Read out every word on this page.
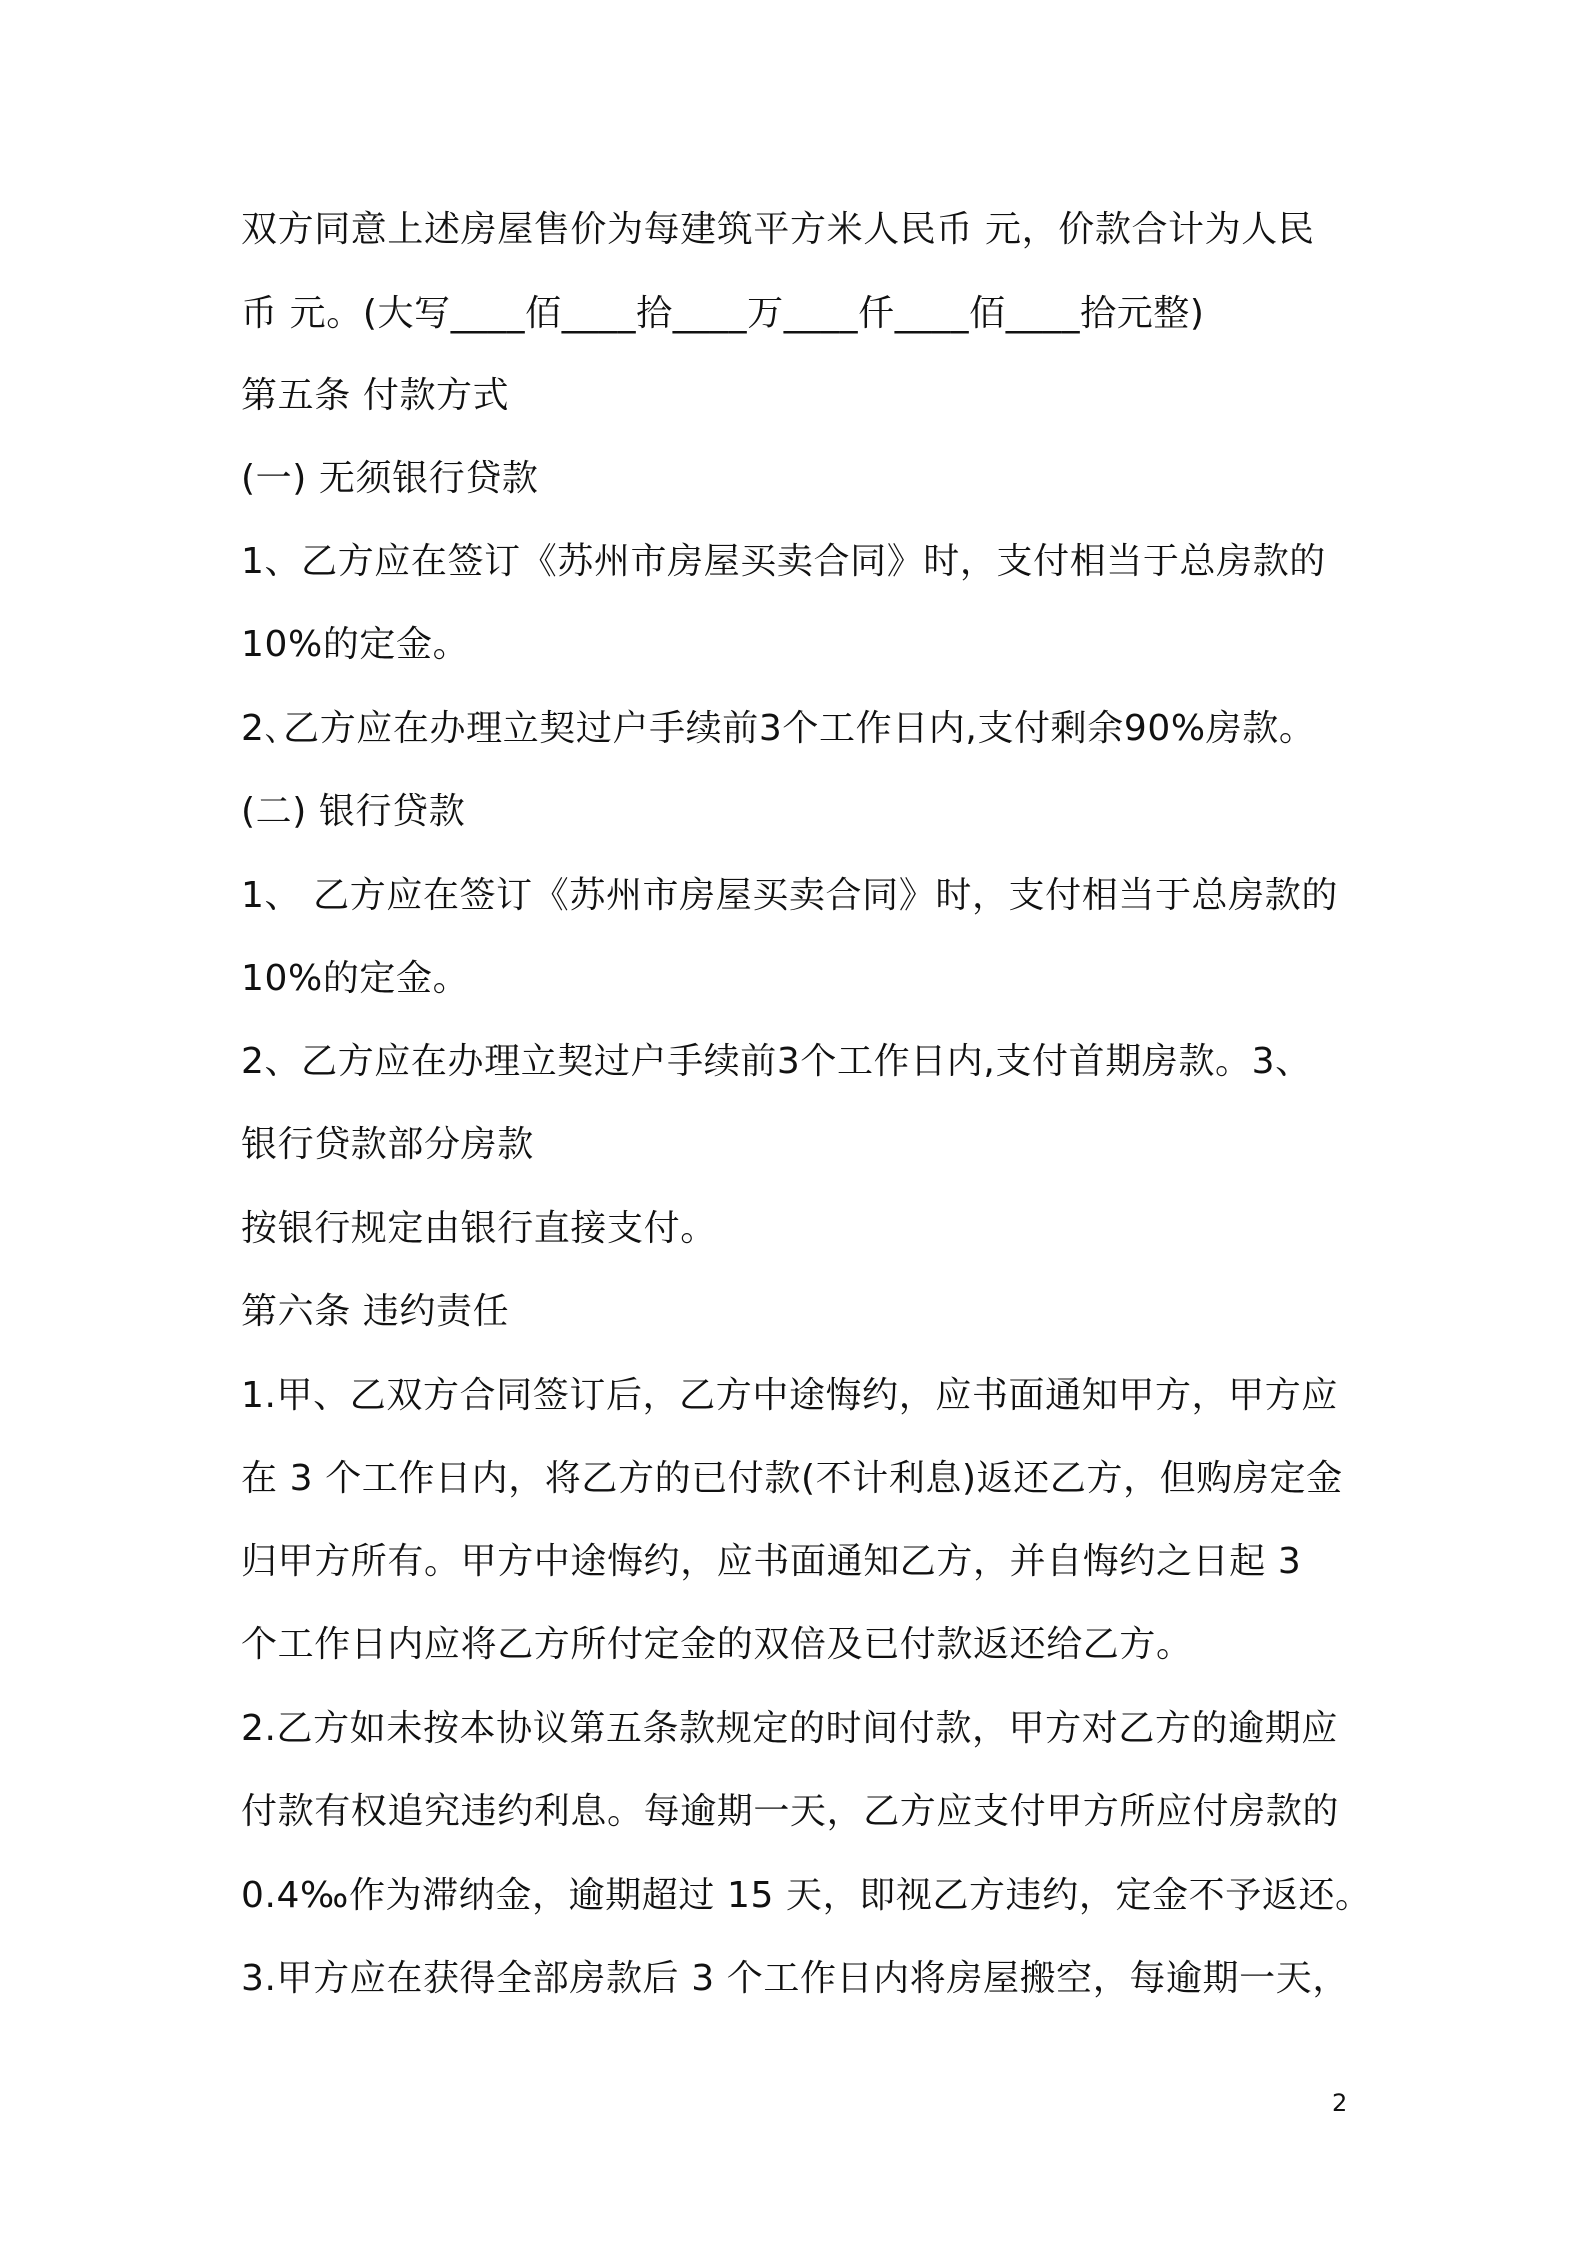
双方同意上述房屋售价为每建筑平方米人民币 元，价款合计为人民
币 元。(大写____佰____拾____万____仟____佰____拾元整)
第五条 付款方式
(一) 无须银行贷款
1、乙方应在签订《苏州市房屋买卖合同》时，支付相当于总房款的
10%的定金。
2､乙方应在办理立契过户手续前3个工作日内,支付剩余90%房款。
(二) 银行贷款
1、 乙方应在签订《苏州市房屋买卖合同》时，支付相当于总房款的
10%的定金。
2、乙方应在办理立契过户手续前3个工作日内,支付首期房款。3、
银行贷款部分房款
按银行规定由银行直接支付。
第六条 违约责任
1.甲、乙双方合同签订后，乙方中途悔约，应书面通知甲方，甲方应
在 3 个工作日内，将乙方的已付款(不计利息)返还乙方，但购房定金
归甲方所有。甲方中途悔约，应书面通知乙方，并自悔约之日起 3
个工作日内应将乙方所付定金的双倍及已付款返还给乙方。
2.乙方如未按本协议第五条款规定的时间付款，甲方对乙方的逾期应
付款有权追究违约利息。每逾期一天，乙方应支付甲方所应付房款的
0.4‰作为滞纳金，逾期超过 15 天，即视乙方违约，定金不予返还。
3.甲方应在获得全部房款后 3 个工作日内将房屋搬空，每逾期一天，
2
